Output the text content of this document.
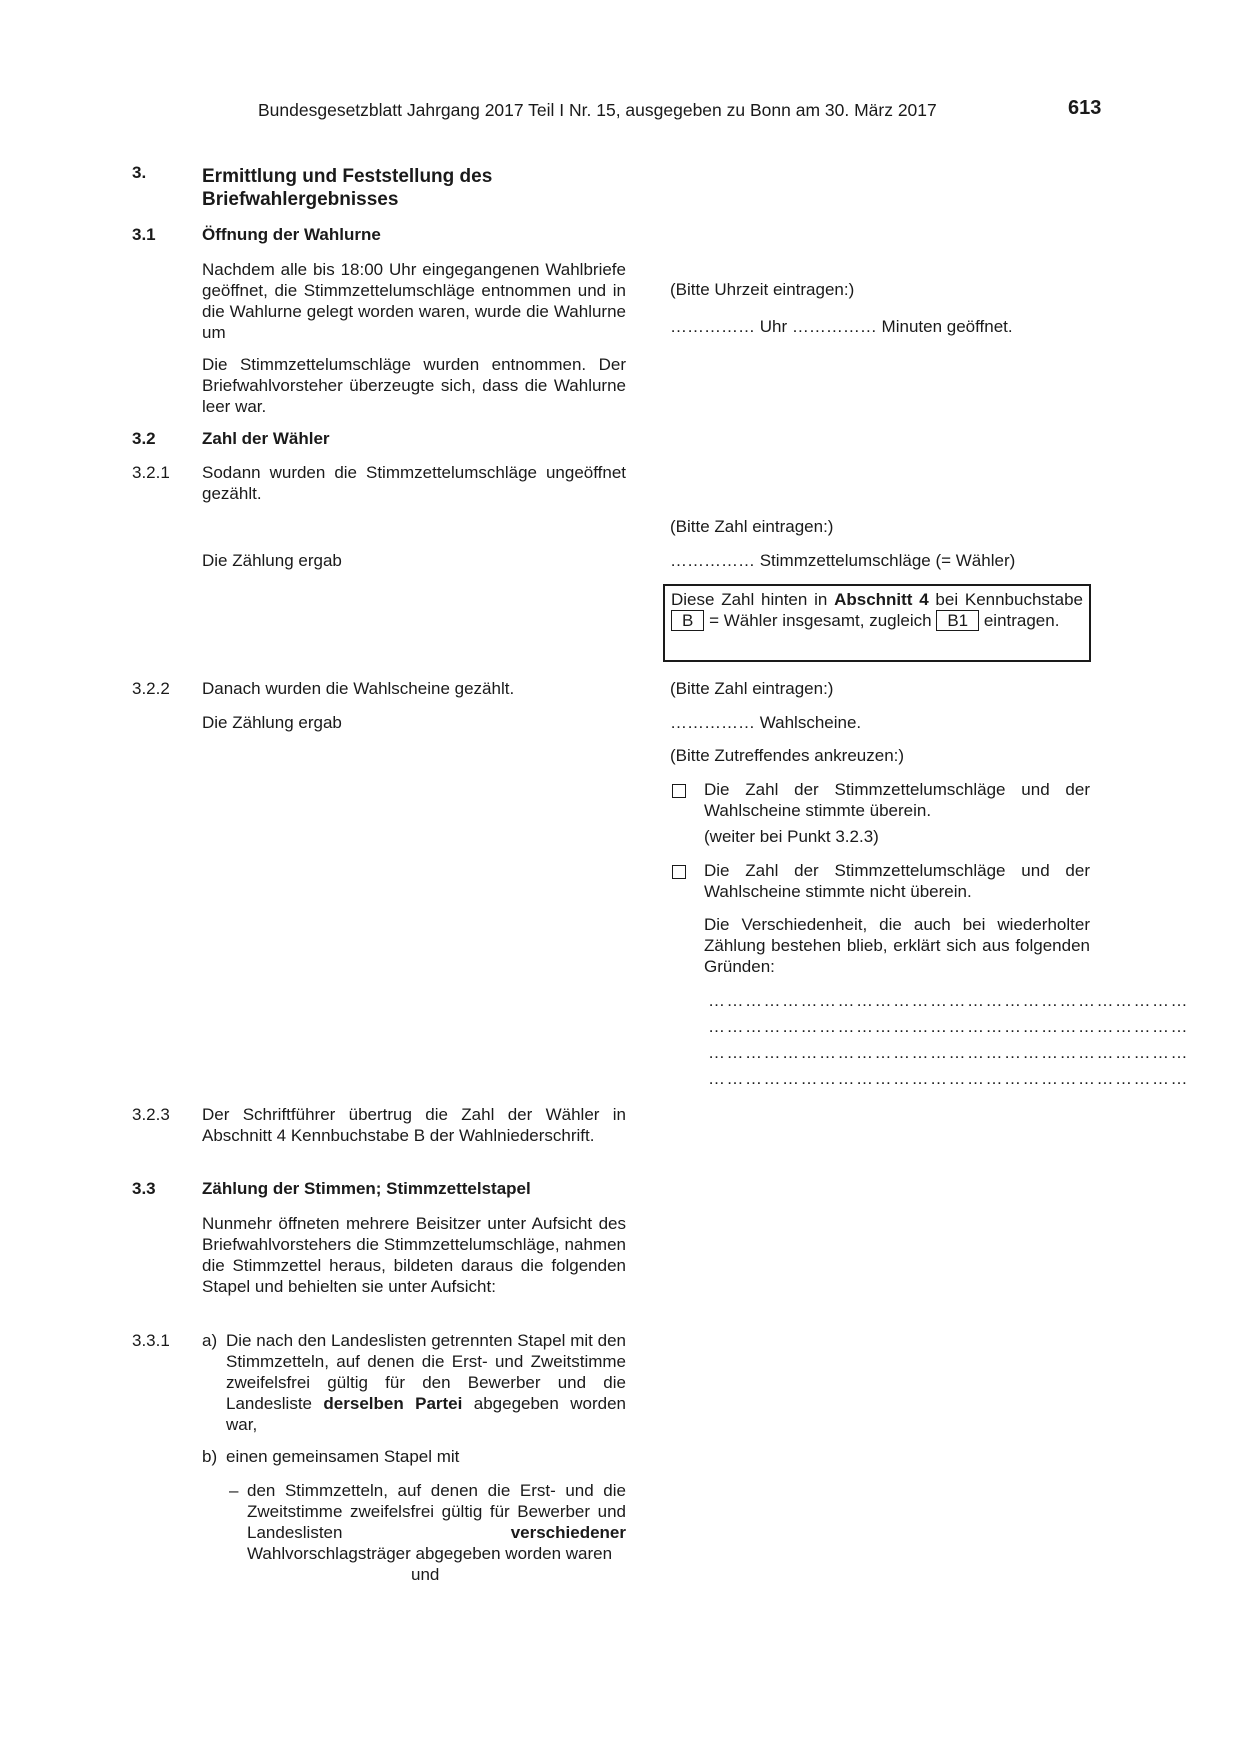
Bundesgesetzblatt Jahrgang 2017 Teil I Nr. 15, ausgegeben zu Bonn am 30. März 2017	613
3.	Ermittlung und Feststellung des
Briefwahlergebnisses
3.1	Öffnung der Wahlurne
Nachdem alle bis 18:00 Uhr eingegangenen Wahlbriefe geöffnet, die Stimmzettelumschläge entnommen und in die Wahlurne gelegt worden waren, wurde die Wahlurne um
Die Stimmzettelumschläge wurden entnommen. Der Briefwahlvorsteher überzeugte sich, dass die Wahlurne leer war.
(Bitte Uhrzeit eintragen:)
…………… Uhr …………… Minuten geöffnet.
3.2	Zahl der Wähler
3.2.1 Sodann wurden die Stimmzettelumschläge ungeöffnet gezählt.
(Bitte Zahl eintragen:)
Die Zählung ergab	…………… Stimmzettelumschläge (= Wähler)
Diese Zahl hinten in Abschnitt 4 bei Kennbuchstabe B = Wähler insgesamt, zugleich B1 eintragen.
3.2.2 Danach wurden die Wahlscheine gezählt.	(Bitte Zahl eintragen:)
Die Zählung ergab	…………… Wahlscheine.
(Bitte Zutreffendes ankreuzen:)
Die Zahl der Stimmzettelumschläge und der Wahlscheine stimmte überein.
(weiter bei Punkt 3.2.3)
Die Zahl der Stimmzettelumschläge und der Wahlscheine stimmte nicht überein.
Die Verschiedenheit, die auch bei wiederholter Zählung bestehen blieb, erklärt sich aus folgenden Gründen:
……………………………………………………………………
……………………………………………………………………
……………………………………………………………………
……………………………………………………………………
3.2.3 Der Schriftführer übertrug die Zahl der Wähler in Abschnitt 4 Kennbuchstabe B der Wahlniederschrift.
3.3	Zählung der Stimmen; Stimmzettelstapel
Nunmehr öffneten mehrere Beisitzer unter Aufsicht des Briefwahlvorstehers die Stimmzettelumschläge, nahmen die Stimmzettel heraus, bildeten daraus die folgenden Stapel und behielten sie unter Aufsicht:
3.3.1 a) Die nach den Landeslisten getrennten Stapel mit den Stimmzetteln, auf denen die Erst- und Zweitstimme zweifelsfrei gültig für den Bewerber und die Landesliste derselben Partei abgegeben worden war,
b) einen gemeinsamen Stapel mit
– den Stimmzetteln, auf denen die Erst- und die Zweitstimme zweifelsfrei gültig für Bewerber und Landeslisten verschiedener Wahlvorschlagsträger abgegeben worden waren
und
